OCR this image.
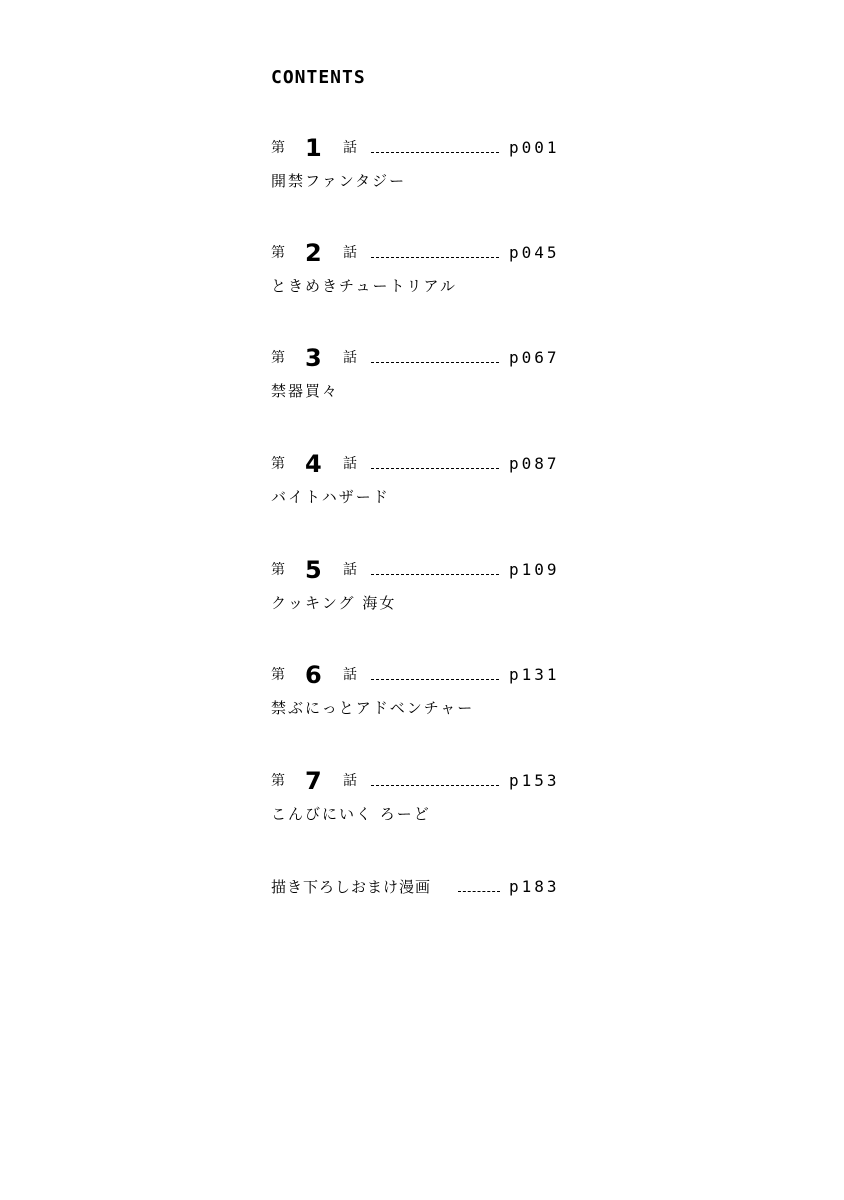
CONTENTS
第 1 話	p001
開禁ファンタジー
第 2 話	p045
ときめきチュートリアル
第 3 話	p067
禁器買々
第 4 話	p087
バイトハザード
第 5 話	p109
クッキング 海女
第 6 話	p131
禁ぶにっとアドベンチャー
第 7 話	p153
こんびにいく ろーど
描き下ろしおまけ漫画	p183
